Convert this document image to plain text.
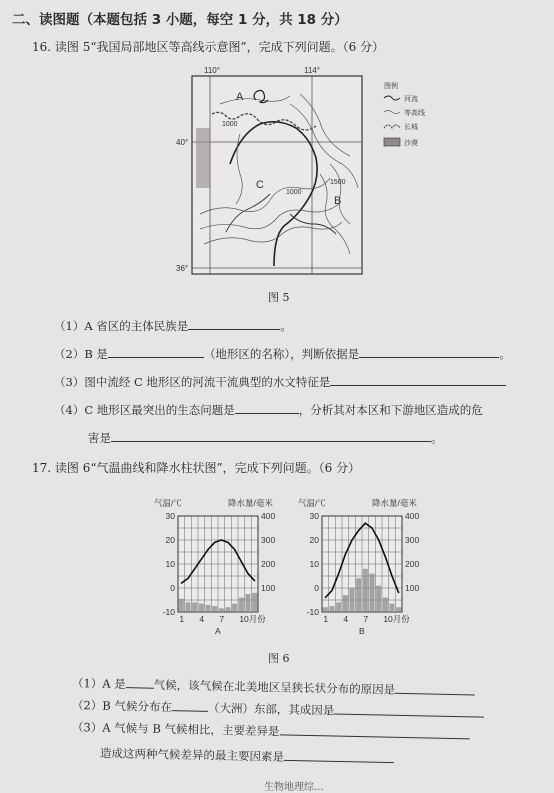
二、读图题（本题包括 3 小题，每空 1 分，共 18 分）
16. 读图 5“我国局部地区等高线示意图”，完成下列问题。（6 分）
110°	114°
40°
36°
A
C
B
1000
1000
1500
图例
河流
等高线
长城
沙漠
图 5
（1）A 省区的主体民族是	。
（2）B 是	（地形区的名称），判断依据是	。
（3）图中流经 C 地形区的河流干流典型的水文特征是
（4）C 地形区最突出的生态问题是	，分析其对本区和下游地区造成的危
害是	。
17. 读图 6“气温曲线和降水柱状图”，完成下列问题。（6 分）
气温/℃	降水量/毫米
30
20
10
0
-10
400
300
200
100
1 4 7 10月份
A
气温/℃	降水量/毫米
30
20
10
0
-10
400
300
200
100
1 4 7 10月份
B
图 6
（1）A 是 气候，该气候在北美地区呈狭长状分布的原因是
（2）B 气候分布在	（大洲）东部，其成因是
（3）A 气候与 B 气候相比，主要差异是
造成这两种气候差异的最主要因素是
生物地理综...
